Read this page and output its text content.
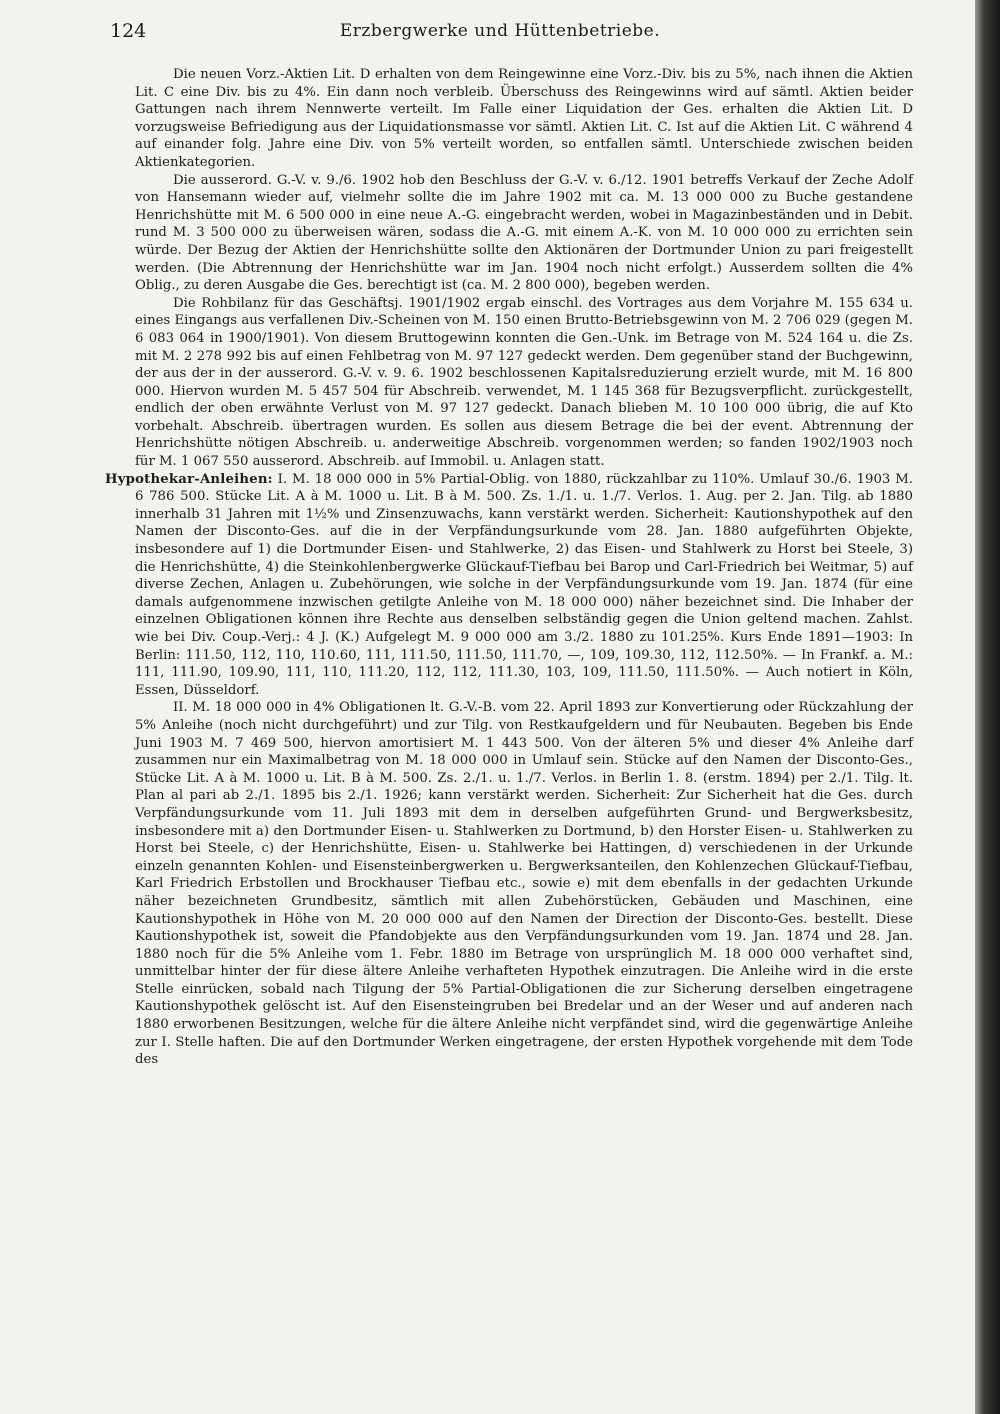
124	Erzbergwerke und Hüttenbetriebe.

Die neuen Vorz.-Aktien Lit. D erhalten von dem Reingewinne eine Vorz.-Div. bis zu 5%, nach ihnen die Aktien Lit. C eine Div. bis zu 4%. Ein dann noch verbleib. Überschuss des Reingewinns wird auf sämtl. Aktien beider Gattungen nach ihrem Nennwerte verteilt. Im Falle einer Liquidation der Ges. erhalten die Aktien Lit. D vorzugsweise Befriedigung aus der Liquidationsmasse vor sämtl. Aktien Lit. C. Ist auf die Aktien Lit. C während 4 auf einander folg. Jahre eine Div. von 5% verteilt worden, so entfallen sämtl. Unterschiede zwischen beiden Aktienkategorien.

Die ausserord. G.-V. v. 9./6. 1902 hob den Beschluss der G.-V. v. 6./12. 1901 betreffs Verkauf der Zeche Adolf von Hansemann wieder auf, vielmehr sollte die im Jahre 1902 mit ca. M. 13 000 000 zu Buche gestandene Henrichshütte mit M. 6 500 000 in eine neue A.-G. eingebracht werden, wobei in Magazinbeständen und in Debit. rund M. 3 500 000 zu überweisen wären, sodass die A.-G. mit einem A.-K. von M. 10 000 000 zu errichten sein würde. Der Bezug der Aktien der Henrichshütte sollte den Aktionären der Dortmunder Union zu pari freigestellt werden. (Die Abtrennung der Henrichshütte war im Jan. 1904 noch nicht erfolgt.) Ausserdem sollten die 4% Oblig., zu deren Ausgabe die Ges. berechtigt ist (ca. M. 2 800 000), begeben werden.

Die Rohbilanz für das Geschäftsj. 1901/1902 ergab einschl. des Vortrages aus dem Vorjahre M. 155 634 u. eines Eingangs aus verfallenen Div.-Scheinen von M. 150 einen Brutto-Betriebsgewinn von M. 2 706 029 (gegen M. 6 083 064 in 1900/1901). Von diesem Bruttogewinn konnten die Gen.-Unk. im Betrage von M. 524 164 u. die Zs. mit M. 2 278 992 bis auf einen Fehlbetrag von M. 97 127 gedeckt werden. Dem gegenüber stand der Buchgewinn, der aus der in der ausserord. G.-V. v. 9. 6. 1902 beschlossenen Kapitalsreduzierung erzielt wurde, mit M. 16 800 000. Hiervon wurden M. 5 457 504 für Abschreib. verwendet, M. 1 145 368 für Bezugsverpflicht. zurückgestellt, endlich der oben erwähnte Verlust von M. 97 127 gedeckt. Danach blieben M. 10 100 000 übrig, die auf Kto vorbehalt. Abschreib. übertragen wurden. Es sollen aus diesem Betrage die bei der event. Abtrennung der Henrichshütte nötigen Abschreib. u. anderweitige Abschreib. vorgenommen werden; so fanden 1902/1903 noch für M. 1 067 550 ausserord. Abschreib. auf Immobil. u. Anlagen statt.

Hypothekar-Anleihen: I. M. 18 000 000 in 5% Partial-Oblig. von 1880, rückzahlbar zu 110%. Umlauf 30./6. 1903 M. 6 786 500. Stücke Lit. A à M. 1000 u. Lit. B à M. 500. Zs. 1./1. u. 1./7. Verlos. 1. Aug. per 2. Jan. Tilg. ab 1880 innerhalb 31 Jahren mit 1½% und Zinsenzuwachs, kann verstärkt werden. Sicherheit: Kautionshypothek auf den Namen der Disconto-Ges. auf die in der Verpfändungsurkunde vom 28. Jan. 1880 aufgeführten Objekte, insbesondere auf 1) die Dortmunder Eisen- und Stahlwerke, 2) das Eisen- und Stahlwerk zu Horst bei Steele, 3) die Henrichshütte, 4) die Steinkohlenbergwerke Glückauf-Tiefbau bei Barop und Carl-Friedrich bei Weitmar, 5) auf diverse Zechen, Anlagen u. Zubehörungen, wie solche in der Verpfändungsurkunde vom 19. Jan. 1874 (für eine damals aufgenommene inzwischen getilgte Anleihe von M. 18 000 000) näher bezeichnet sind. Die Inhaber der einzelnen Obligationen können ihre Rechte aus denselben selbständig gegen die Union geltend machen. Zahlst. wie bei Div. Coup.-Verj.: 4 J. (K.) Aufgelegt M. 9 000 000 am 3./2. 1880 zu 101.25%. Kurs Ende 1891—1903: In Berlin: 111.50, 112, 110, 110.60, 111, 111.50, 111.50, 111.70, —, 109, 109.30, 112, 112.50%. — In Frankf. a. M.: 111, 111.90, 109.90, 111, 110, 111.20, 112, 112, 111.30, 103, 109, 111.50, 111.50%. — Auch notiert in Köln, Essen, Düsseldorf.

II. M. 18 000 000 in 4% Obligationen lt. G.-V.-B. vom 22. April 1893 zur Konvertierung oder Rückzahlung der 5% Anleihe (noch nicht durchgeführt) und zur Tilg. von Restkaufgeldern und für Neubauten. Begeben bis Ende Juni 1903 M. 7 469 500, hiervon amortisiert M. 1 443 500. Von der älteren 5% und dieser 4% Anleihe darf zusammen nur ein Maximalbetrag von M. 18 000 000 in Umlauf sein. Stücke auf den Namen der Disconto-Ges., Stücke Lit. A à M. 1000 u. Lit. B à M. 500. Zs. 2./1. u. 1./7. Verlos. in Berlin 1. 8. (erstm. 1894) per 2./1. Tilg. lt. Plan al pari ab 2./1. 1895 bis 2./1. 1926; kann verstärkt werden. Sicherheit: Zur Sicherheit hat die Ges. durch Verpfändungsurkunde vom 11. Juli 1893 mit dem in derselben aufgeführten Grund- und Bergwerksbesitz, insbesondere mit a) den Dortmunder Eisen- u. Stahlwerken zu Dortmund, b) den Horster Eisen- u. Stahlwerken zu Horst bei Steele, c) der Henrichshütte, Eisen- u. Stahlwerke bei Hattingen, d) verschiedenen in der Urkunde einzeln genannten Kohlen- und Eisensteinbergwerken u. Bergwerksanteilen, den Kohlenzechen Glückauf-Tiefbau, Karl Friedrich Erbstollen und Brockhauser Tiefbau etc., sowie e) mit dem ebenfalls in der gedachten Urkunde näher bezeichneten Grundbesitz, sämtlich mit allen Zubehörstücken, Gebäuden und Maschinen, eine Kautionshypothek in Höhe von M. 20 000 000 auf den Namen der Direction der Disconto-Ges. bestellt. Diese Kautionshypothek ist, soweit die Pfandobjekte aus den Verpfändungsurkunden vom 19. Jan. 1874 und 28. Jan. 1880 noch für die 5% Anleihe vom 1. Febr. 1880 im Betrage von ursprünglich M. 18 000 000 verhaftet sind, unmittelbar hinter der für diese ältere Anleihe verhafteten Hypothek einzutragen. Die Anleihe wird in die erste Stelle einrücken, sobald nach Tilgung der 5% Partial-Obligationen die zur Sicherung derselben eingetragene Kautionshypothek gelöscht ist. Auf den Eisensteingruben bei Bredelar und an der Weser und auf anderen nach 1880 erworbenen Besitzungen, welche für die ältere Anleihe nicht verpfändet sind, wird die gegenwärtige Anleihe zur I. Stelle haften. Die auf den Dortmunder Werken eingetragene, der ersten Hypothek vorgehende mit dem Tode des
